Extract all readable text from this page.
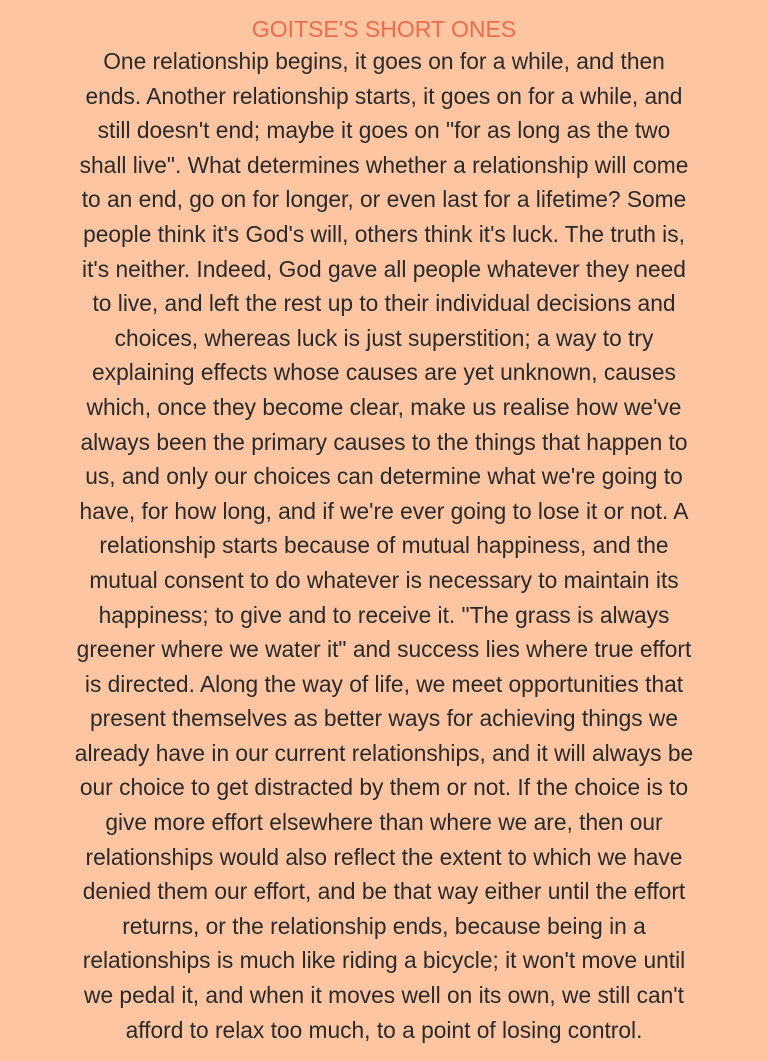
GOITSE'S SHORT ONES

One relationship begins, it goes on for a while, and then
ends. Another relationship starts, it goes on for a while, and
still doesn't end; maybe it goes on "for as long as the two
shall live". What determines whether a relationship will come
to an end, go on for longer, or even last for a lifetime? Some
people think it's God's will, others think it's luck. The truth is,
it's neither. Indeed, God gave all people whatever they need
to live, and left the rest up to their individual decisions and
choices, whereas luck is just superstition; a way to try
explaining effects whose causes are yet unknown, causes
which, once they become clear, make us realise how we've
always been the primary causes to the things that happen to
us, and only our choices can determine what we're going to
have, for how long, and if we're ever going to lose it or not. A
relationship starts because of mutual happiness, and the
mutual consent to do whatever is necessary to maintain its
happiness; to give and to receive it. "The grass is always
greener where we water it" and success lies where true effort
is directed. Along the way of life, we meet opportunities that
present themselves as better ways for achieving things we
already have in our current relationships, and it will always be
our choice to get distracted by them or not. If the choice is to
give more effort elsewhere than where we are, then our
relationships would also reflect the extent to which we have
denied them our effort, and be that way either until the effort
returns, or the relationship ends, because being in a
relationships is much like riding a bicycle; it won't move until
we pedal it, and when it moves well on its own, we still can't
afford to relax too much, to a point of losing control.
